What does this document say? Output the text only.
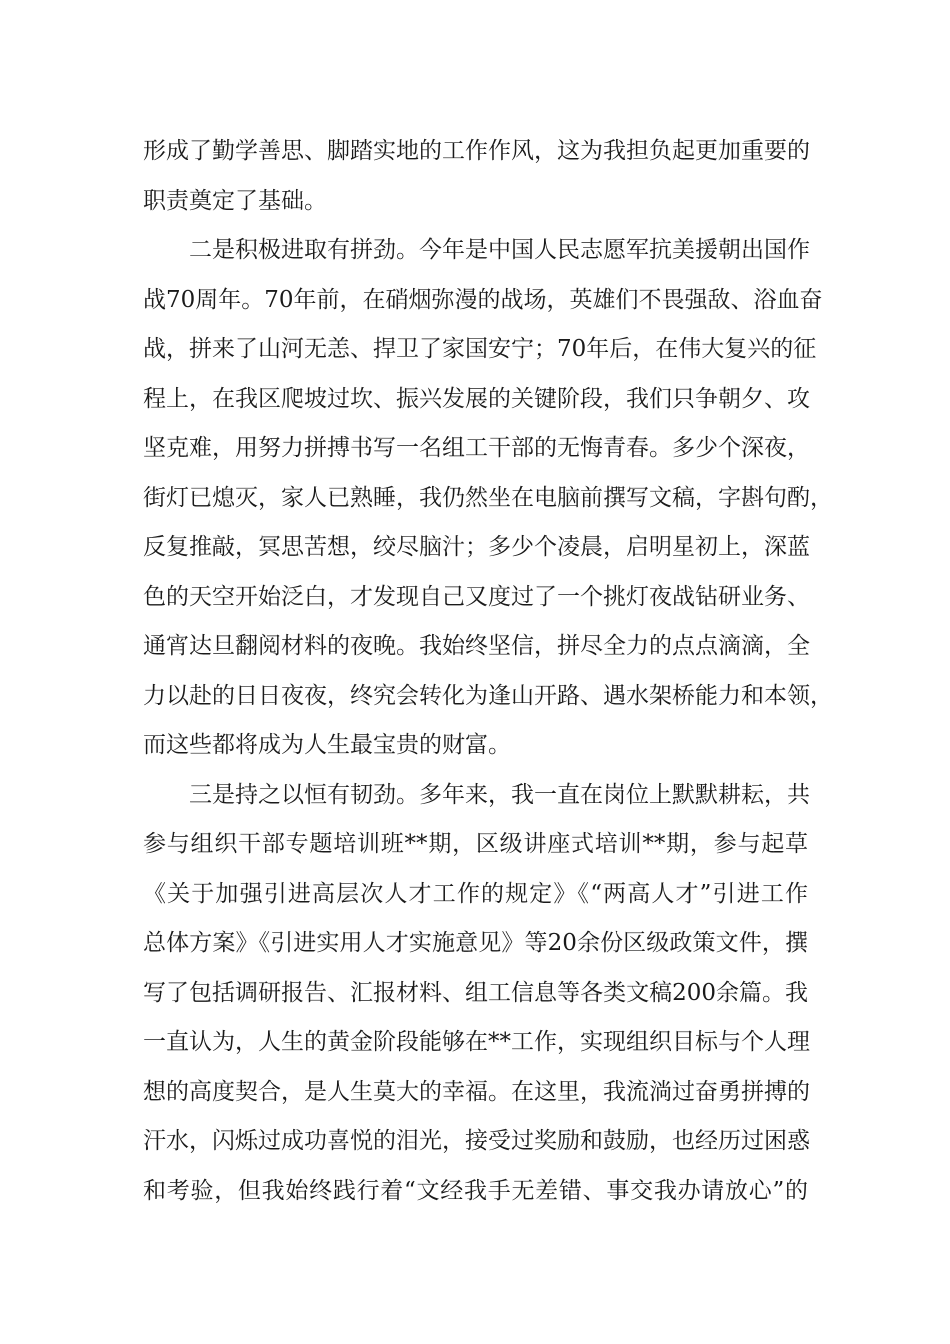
形成了勤学善思、脚踏实地的工作作风，这为我担负起更加重要的
职责奠定了基础。
二是积极进取有拼劲。今年是中国人民志愿军抗美援朝出国作
战70周年。70年前，在硝烟弥漫的战场，英雄们不畏强敌、浴血奋
战，拼来了山河无恙、捍卫了家国安宁；70年后，在伟大复兴的征
程上，在我区爬坡过坎、振兴发展的关键阶段，我们只争朝夕、攻
坚克难，用努力拼搏书写一名组工干部的无悔青春。多少个深夜，
街灯已熄灭，家人已熟睡，我仍然坐在电脑前撰写文稿，字斟句酌，
反复推敲，冥思苦想，绞尽脑汁；多少个凌晨，启明星初上，深蓝
色的天空开始泛白，才发现自己又度过了一个挑灯夜战钻研业务、
通宵达旦翻阅材料的夜晚。我始终坚信，拼尽全力的点点滴滴，全
力以赴的日日夜夜，终究会转化为逢山开路、遇水架桥能力和本领，
而这些都将成为人生最宝贵的财富。
三是持之以恒有韧劲。多年来，我一直在岗位上默默耕耘，共
参与组织干部专题培训班**期，区级讲座式培训**期，参与起草
《关于加强引进高层次人才工作的规定》《“两高人才”引进工作
总体方案》《引进实用人才实施意见》等20余份区级政策文件，撰
写了包括调研报告、汇报材料、组工信息等各类文稿200余篇。我
一直认为，人生的黄金阶段能够在**工作，实现组织目标与个人理
想的高度契合，是人生莫大的幸福。在这里，我流淌过奋勇拼搏的
汗水，闪烁过成功喜悦的泪光，接受过奖励和鼓励，也经历过困惑
和考验，但我始终践行着“文经我手无差错、事交我办请放心”的
